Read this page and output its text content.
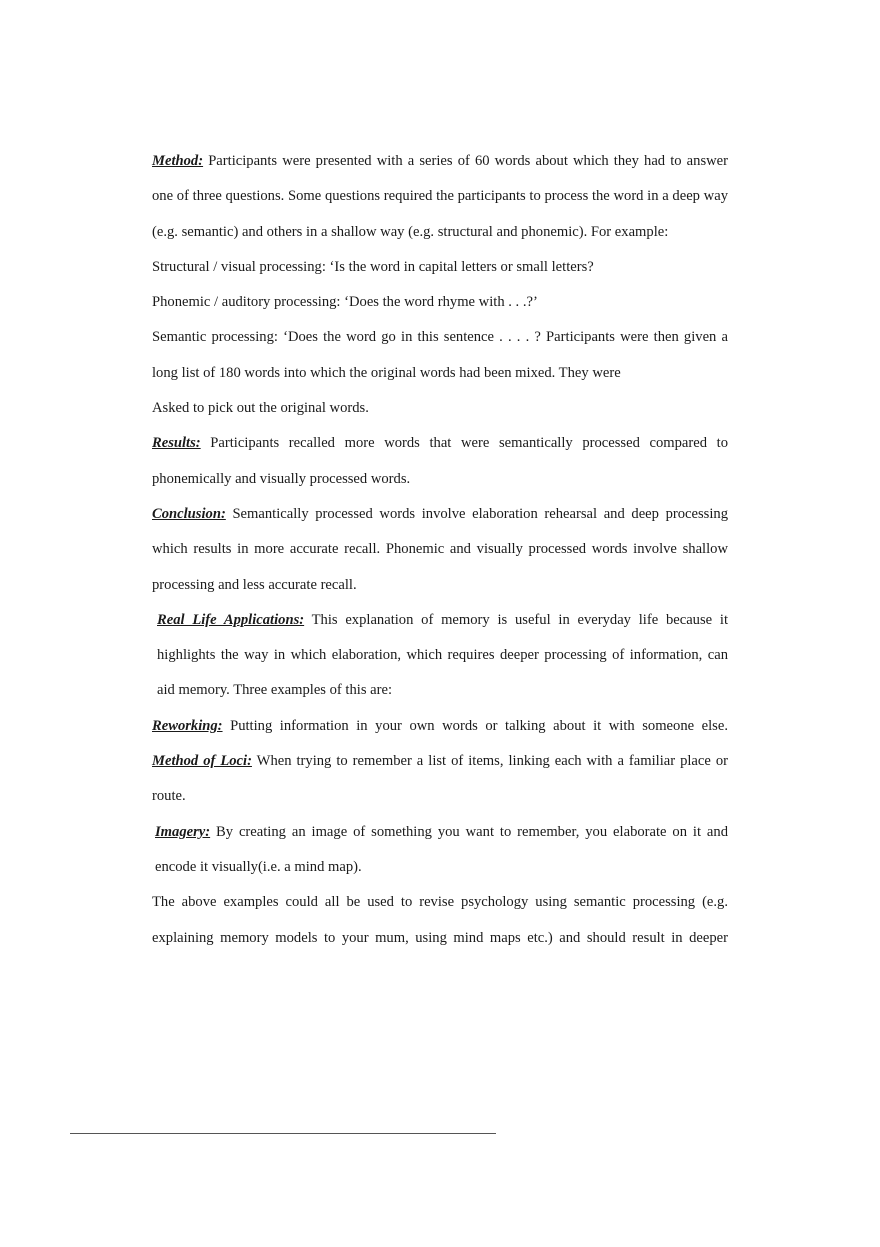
Method: Participants were presented with a series of 60 words about which they had to answer one of three questions. Some questions required the participants to process the word in a deep way (e.g. semantic) and others in a shallow way (e.g. structural and phonemic). For example:

Structural / visual processing: ‘Is the word in capital letters or small letters?

Phonemic / auditory processing: ‘Does the word rhyme with . . .?’

Semantic processing: ‘Does the word go in this sentence . . . . ? Participants were then given a long list of 180 words into which the original words had been mixed. They were

Asked to pick out the original words.

Results: Participants recalled more words that were semantically processed compared to phonemically and visually processed words.

Conclusion: Semantically processed words involve elaboration rehearsal and deep processing which results in more accurate recall. Phonemic and visually processed words involve shallow processing and less accurate recall.

Real Life Applications: This explanation of memory is useful in everyday life because it highlights the way in which elaboration, which requires deeper processing of information, can aid memory. Three examples of this are:

Reworking: Putting information in your own words or talking about it with someone else.

Method of Loci: When trying to remember a list of items, linking each with a familiar place or route.

Imagery: By creating an image of something you want to remember, you elaborate on it and encode it visually(i.e. a mind map).

The above examples could all be used to revise psychology using semantic processing (e.g. explaining memory models to your mum, using mind maps etc.) and should result in deeper
